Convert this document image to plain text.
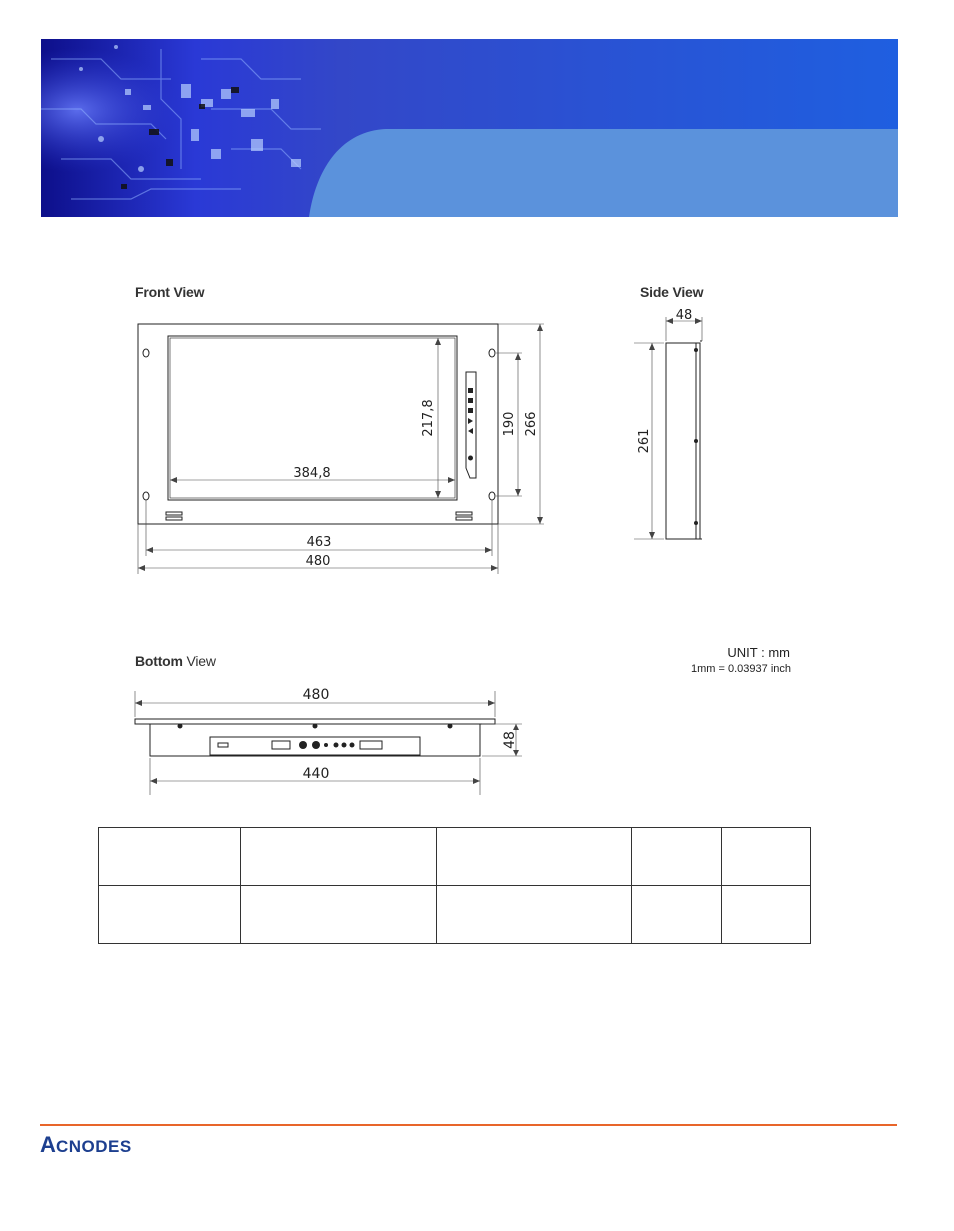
Front View
217,8
384,8
190 266
463
480
Side View
48
261
Bottom View
UNIT : mm
1mm = 0.03937 inch
480
48
440

A CNODES
